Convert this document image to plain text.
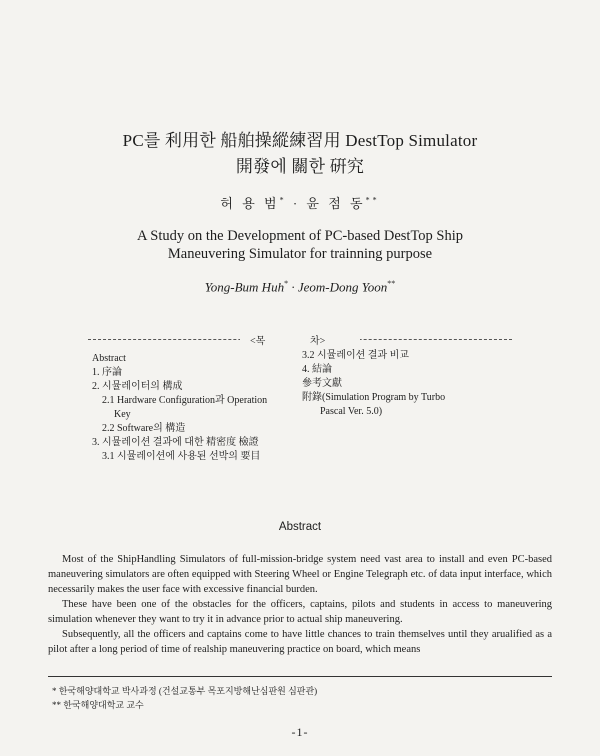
PC를 利用한 船舶操縱練習用 DestTop Simulator
開發에 關한 硏究
허 용 범* · 윤 점 동**
A Study on the Development of PC-based DestTop Ship
Maneuvering Simulator for trainning purpose
Yong-Bum Huh* · Jeom-Dong Yoon**
<목	차>
Abstract
1. 序論
2. 시뮬레이터의 構成
2.1 Hardware Configuration과 Operation
Key
2.2 Software의 構造
3. 시뮬레이션 결과에 대한 精密度 檢證
3.1 시뮬레이션에 사용된 선박의 要目
3.2 시뮬레이션 결과 비교
4. 結論
參考文獻
附錄(Simulation Program by Turbo
Pascal Ver. 5.0)
Abstract

Most of the ShipHandling Simulators of full-mission-bridge system need vast area to install and even PC-based maneuvering simulators are often equipped with Steering Wheel or Engine Telegraph etc. of data input interface, which necessarily makes the user face with excessive financial burden.

These have been one of the obstacles for the officers, captains, pilots and students in access to maneuvering simulation whenever they want to try it in advance prior to actual ship maneuvering.

Subsequently, all the officers and captains come to have little chances to train themselves until they arualified as a pilot after a long period of time of realship maneuvering practice on board, which means

* 한국해양대학교 박사과정 (건설교통부 목포지방해난심판원 심판관)
** 한국해양대학교 교수
-1-
